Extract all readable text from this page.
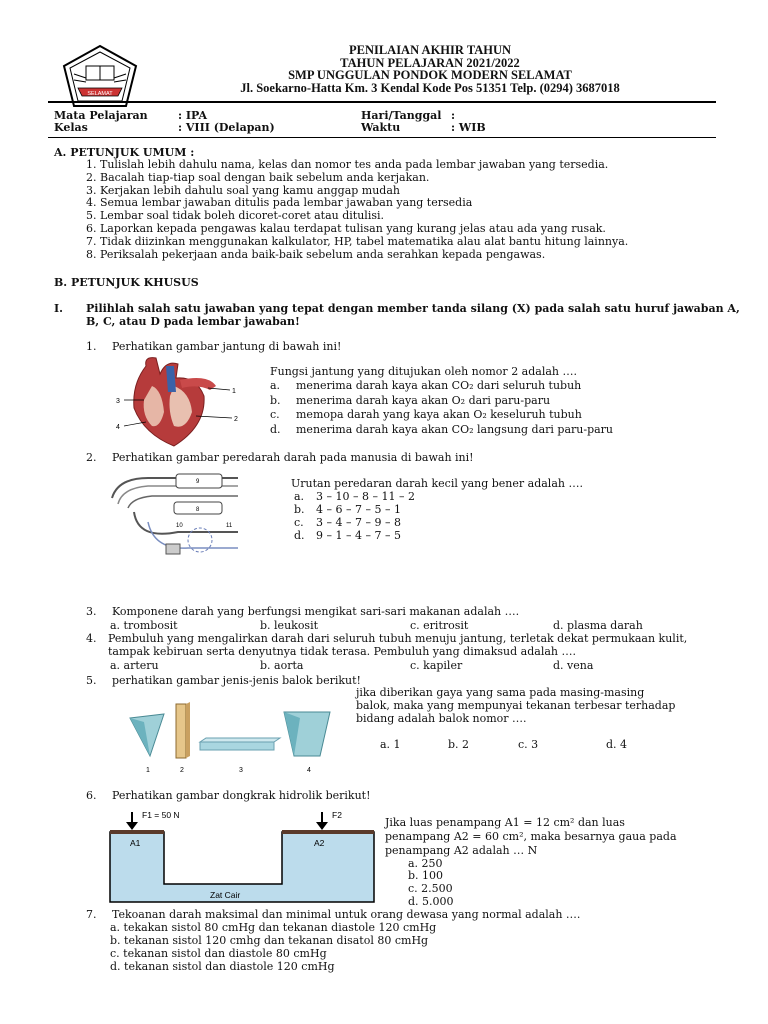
SELAMAT
PENILAIAN AKHIR TAHUN
TAHUN PELAJARAN 2021/2022
SMP UNGGULAN PONDOK MODERN SELAMAT
Jl. Soekarno-Hatta Km. 3 Kendal Kode Pos 51351 Telp. (0294) 3687018
Mata Pelajaran	: IPA	Hari/Tanggal :
Kelas	: VIII (Delapan)	Waktu	: WIB
A. PETUNJUK UMUM :
1. Tulislah lebih dahulu nama, kelas dan nomor tes anda pada lembar jawaban yang tersedia.
2. Bacalah tiap-tiap soal dengan baik sebelum anda kerjakan.
3. Kerjakan lebih dahulu soal yang kamu anggap mudah
4. Semua lembar jawaban ditulis pada lembar jawaban yang tersedia
5. Lembar soal tidak boleh dicoret-coret atau ditulisi.
6. Laporkan kepada pengawas kalau terdapat tulisan yang kurang jelas atau ada yang rusak.
7. Tidak diizinkan menggunakan kalkulator, HP, tabel matematika alau alat bantu hitung lainnya.
8. Periksalah pekerjaan anda baik-baik sebelum anda serahkan kepada pengawas.
B. PETUNJUK KHUSUS
I. Pilihlah salah satu jawaban yang tepat dengan member tanda silang (X) pada salah satu huruf jawaban A,
B, C, atau D pada lembar jawaban!
1. Perhatikan gambar jantung di bawah ini!
1
2
3
4
Fungsi jantung yang ditujukan oleh nomor 2 adalah ….
a. menerima darah kaya akan CO₂ dari seluruh tubuh
b. menerima darah kaya akan O₂ dari paru-paru
c. memopa darah yang kaya akan O₂ keseluruh tubuh
d. menerima darah kaya akan CO₂ langsung dari paru-paru
2. Perhatikan gambar peredarah darah pada manusia di bawah ini!
9
8
10	11
Urutan peredaran darah kecil yang bener adalah ….
a. 3 – 10 – 8 – 11 – 2
b. 4 – 6 – 7 – 5 – 1
c. 3 – 4 – 7 – 9 – 8
d. 9 – 1 – 4 – 7 – 5
3. Komponene darah yang berfungsi mengikat sari-sari makanan adalah ….
a. trombosit	b. leukosit	c. eritrosit	d. plasma darah
4. Pembuluh yang mengalirkan darah dari seluruh tubuh menuju jantung, terletak dekat permukaan kulit,
tampak kebiruan serta denyutnya tidak terasa. Pembuluh yang dimaksud adalah ….
a. arteru	b. aorta	c. kapiler	d. vena
5. perhatikan gambar jenis-jenis balok berikut!
1	2	3	4
jika diberikan gaya yang sama pada masing-masing
balok, maka yang mempunyai tekanan terbesar terhadap
bidang adalah balok nomor ….
a. 1	b. 2	c. 3	d. 4
6. Perhatikan gambar dongkrak hidrolik berikut!
F1 = 50 N	F2
A1	A2
Zat Cair
Jika luas penampang A1 = 12 cm² dan luas
penampang A2 = 60 cm², maka besarnya gaua pada
penampang A2 adalah … N
a. 250
b. 100
c. 2.500
d. 5.000
7. Tekoanan darah maksimal dan minimal untuk orang dewasa yang normal adalah ….
a. tekakan sistol 80 cmHg dan tekanan diastole 120 cmHg
b. tekanan sistol 120 cmhg dan tekanan disatol 80 cmHg
c. tekanan sistol dan diastole 80 cmHg
d. tekanan sistol dan diastole 120 cmHg
